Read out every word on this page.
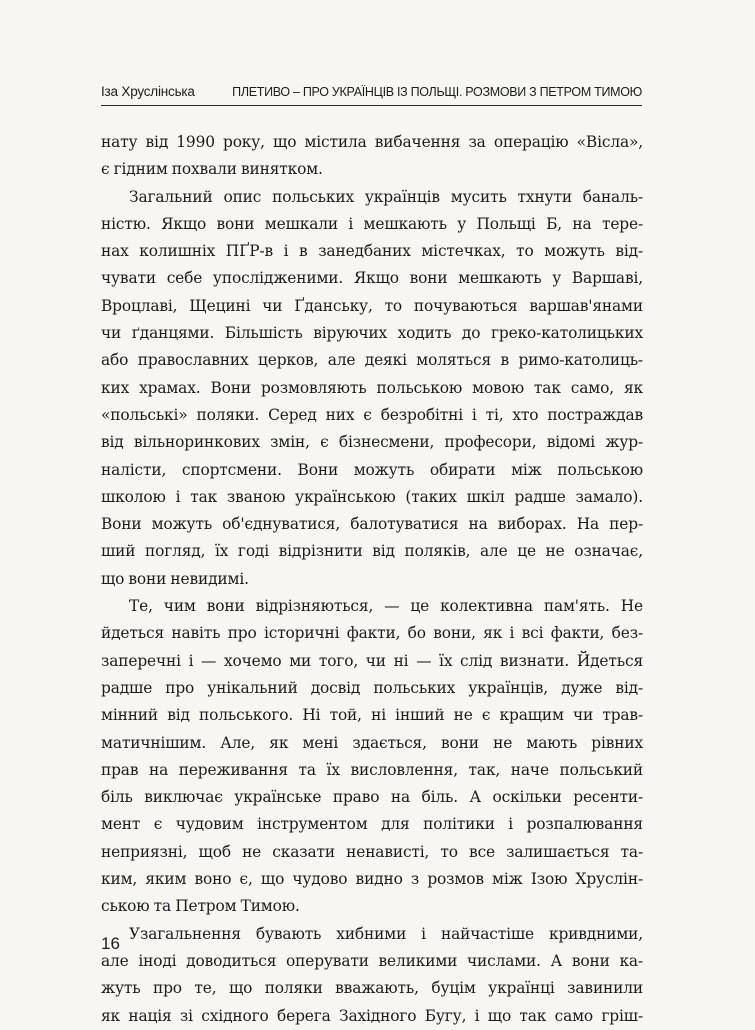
Іза Хруслінська	ПЛЕТИВО – ПРО УКРАЇНЦІВ ІЗ ПОЛЬЩІ. РОЗМОВИ З ПЕТРОМ ТИМОЮ
нату від 1990 року, що містила вибачення за операцію «Вісла»,
є гідним похвали винятком.
Загальний опис польських українців мусить тхнути баналь-
ністю. Якщо вони мешкали і мешкають у Польщі Б, на терe-
нах колишніх ПҐР-в і в занедбаних містечках, то можуть від-
чувати себе упослідженими. Якщо вони мешкають у Варшаві,
Вроцлаві, Щецині чи Ґданську, то почуваються варшав'янами
чи ґданцями. Більшість віруючих ходить до греко-католицьких
або православних церков, але деякі моляться в римо-католиць-
ких храмах. Вони розмовляють польською мовою так само, як
«польські» поляки. Серед них є безробітні і ті, хто постраждав
від вільноринкових змін, є бізнесмени, професори, відомі жур-
налісти, спортсмени. Вони можуть обирати між польською
школою і так званою українською (таких шкіл радше замало).
Вони можуть об'єднуватися, балотуватися на виборах. На пер-
ший погляд, їх годі відрізнити від поляків, але це не означає,
що вони невидимі.
Те, чим вони відрізняються, — це колективна пам'ять. Не
йдеться навіть про історичні факти, бо вони, як і всі факти, без-
заперечні і — хочемо ми того, чи ні — їх слід визнати. Йдеться
радше про унікальний досвід польських українців, дуже від-
мінний від польського. Ні той, ні інший не є кращим чи трав-
матичнішим. Але, як мені здається, вони не мають рівних
прав на переживання та їх висловлення, так, наче польський
біль виключає українське право на біль. А оскільки ресенти-
мент є чудовим інструментом для політики і розпалювання
неприязні, щоб не сказати ненависті, то все залишається та-
ким, яким воно є, що чудово видно з розмов між Ізою Хруслін-
ською та Петром Тимою.
Узагальнення бувають хибними і найчастіше кривдними,
але іноді доводиться оперувати великими числами. А вони ка-
жуть про те, що поляки вважають, буцім українці завинили
як нація зі східного берега Західного Бугу, і що так само гріш-
16
